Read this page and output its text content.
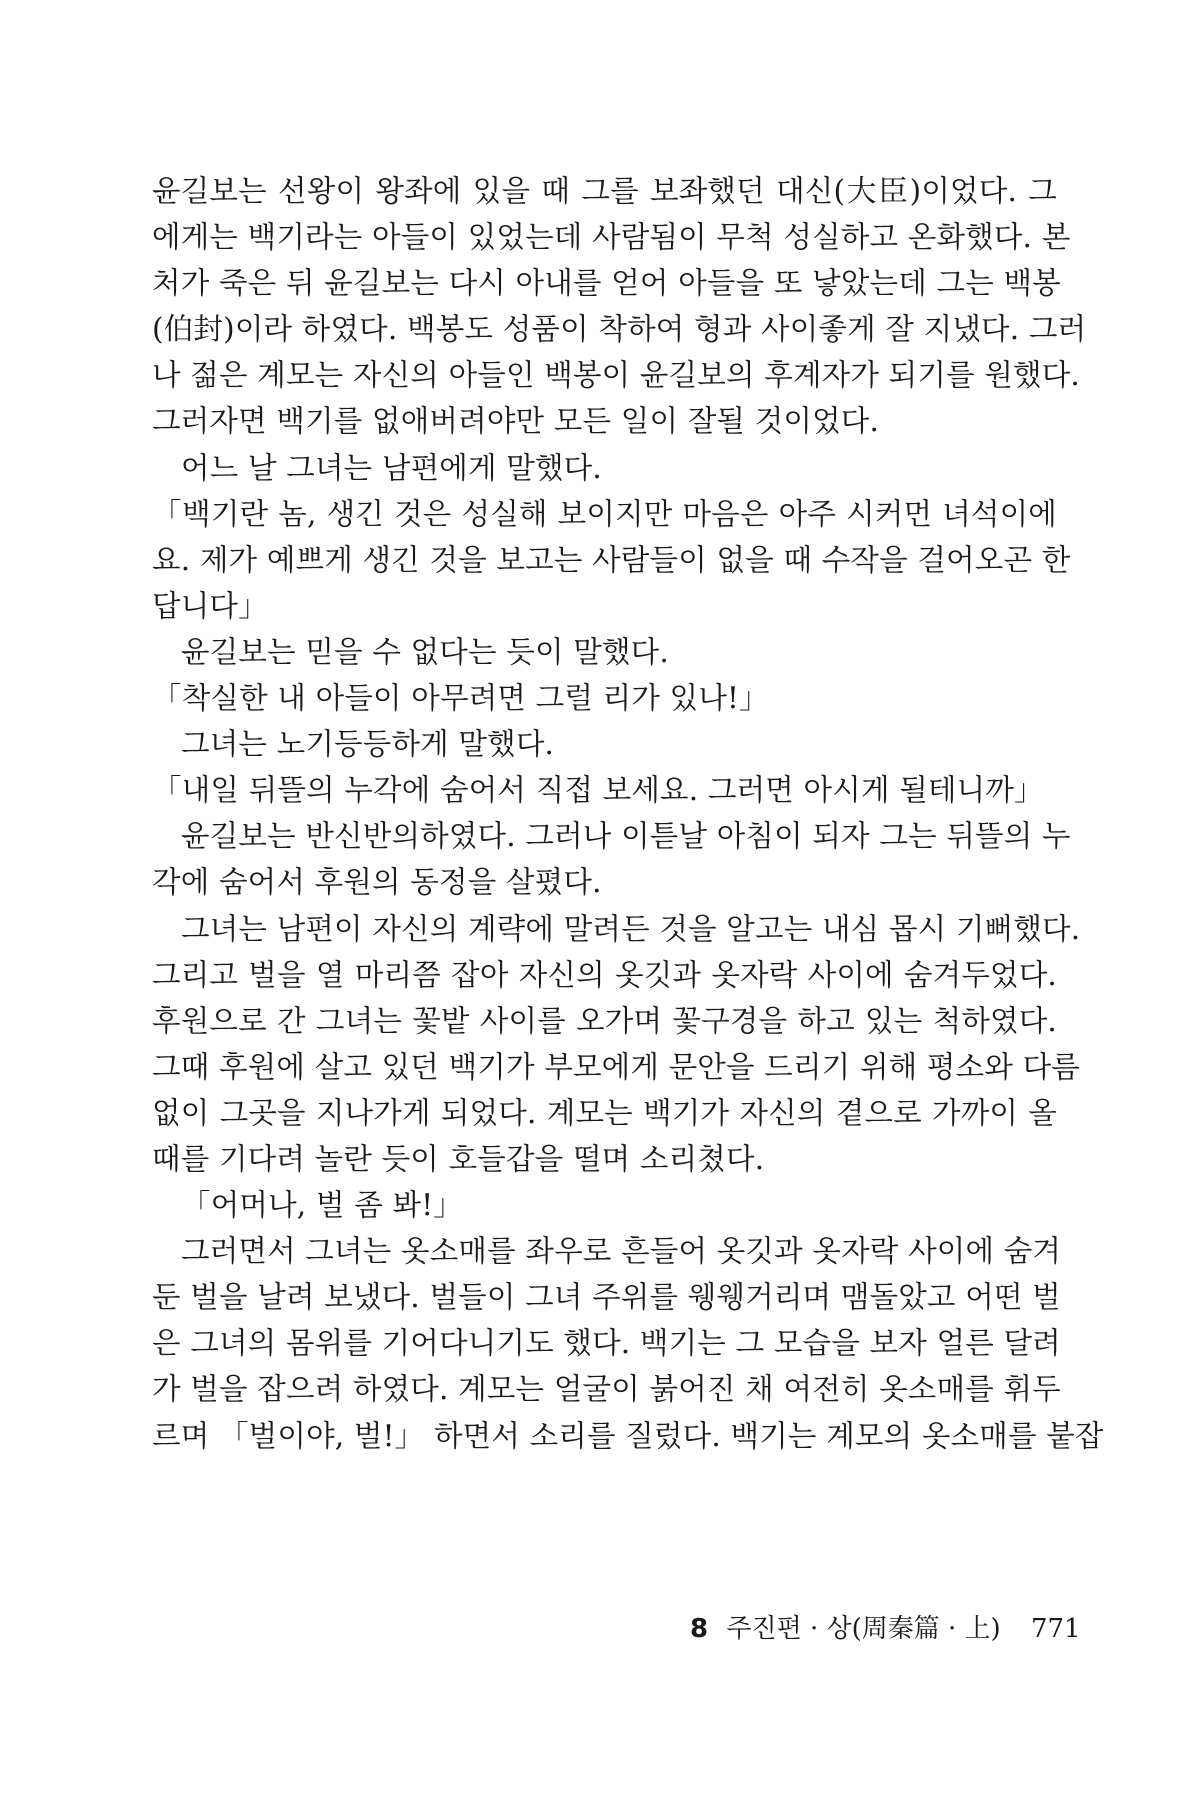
윤길보는 선왕이 왕좌에 있을 때 그를 보좌했던 대신(大臣)이었다. 그
에게는 백기라는 아들이 있었는데 사람됨이 무척 성실하고 온화했다. 본
처가 죽은 뒤 윤길보는 다시 아내를 얻어 아들을 또 낳았는데 그는 백봉
(伯封)이라 하였다. 백봉도 성품이 착하여 형과 사이좋게 잘 지냈다. 그러
나 젊은 계모는 자신의 아들인 백봉이 윤길보의 후계자가 되기를 원했다.
그러자면 백기를 없애버려야만 모든 일이 잘될 것이었다.
어느 날 그녀는 남편에게 말했다.
「백기란 놈, 생긴 것은 성실해 보이지만 마음은 아주 시커먼 녀석이에
요. 제가 예쁘게 생긴 것을 보고는 사람들이 없을 때 수작을 걸어오곤 한
답니다」
윤길보는 믿을 수 없다는 듯이 말했다.
「착실한 내 아들이 아무려면 그럴 리가 있나!」
그녀는 노기등등하게 말했다.
「내일 뒤뜰의 누각에 숨어서 직접 보세요. 그러면 아시게 될테니까」
윤길보는 반신반의하였다. 그러나 이튿날 아침이 되자 그는 뒤뜰의 누
각에 숨어서 후원의 동정을 살폈다.
그녀는 남편이 자신의 계략에 말려든 것을 알고는 내심 몹시 기뻐했다.
그리고 벌을 열 마리쯤 잡아 자신의 옷깃과 옷자락 사이에 숨겨두었다.
후원으로 간 그녀는 꽃밭 사이를 오가며 꽃구경을 하고 있는 척하였다.
그때 후원에 살고 있던 백기가 부모에게 문안을 드리기 위해 평소와 다름
없이 그곳을 지나가게 되었다. 계모는 백기가 자신의 곁으로 가까이 올
때를 기다려 놀란 듯이 호들갑을 떨며 소리쳤다.
「어머나, 벌 좀 봐!」
그러면서 그녀는 옷소매를 좌우로 흔들어 옷깃과 옷자락 사이에 숨겨
둔 벌을 날려 보냈다. 벌들이 그녀 주위를 웽웽거리며 맴돌았고 어떤 벌
은 그녀의 몸위를 기어다니기도 했다. 백기는 그 모습을 보자 얼른 달려
가 벌을 잡으려 하였다. 계모는 얼굴이 붉어진 채 여전히 옷소매를 휘두
르며 「벌이야, 벌!」 하면서 소리를 질렀다. 백기는 계모의 옷소매를 붙잡
8 주진편 · 상(周秦篇 · 上) 771
